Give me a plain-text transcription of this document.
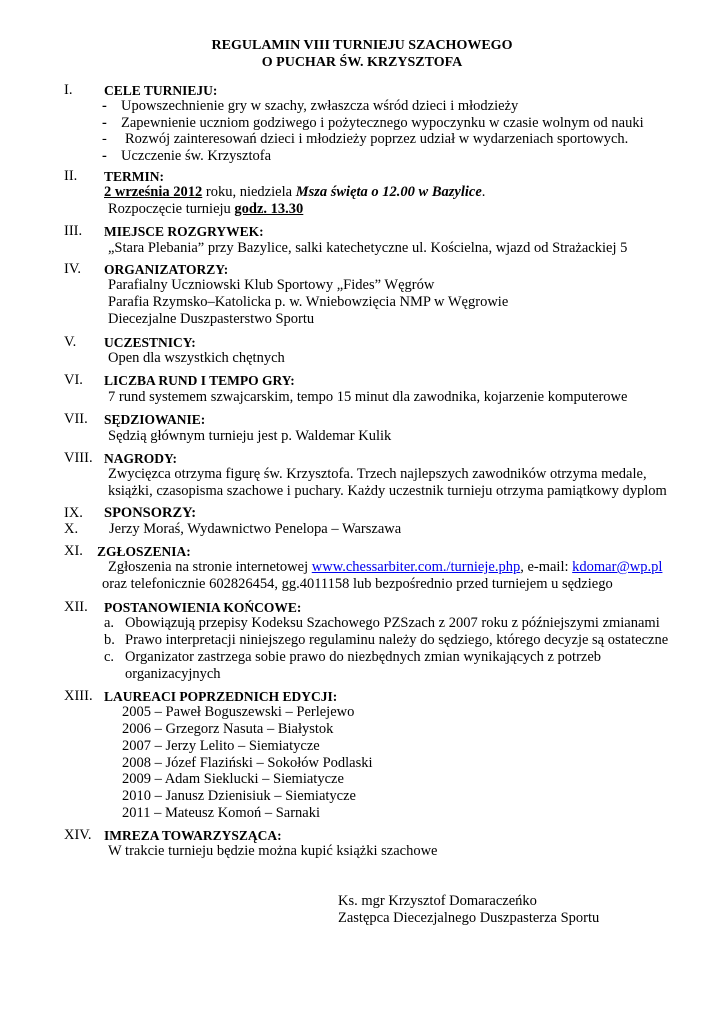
REGULAMIN VIII TURNIEJU SZACHOWEGO
O PUCHAR ŚW. KRZYSZTOFA
I. CELE TURNIEJU:
- Upowszechnienie gry w szachy, zwłaszcza wśród dzieci i młodzieży
- Zapewnienie uczniom godziwego i pożytecznego wypoczynku w czasie wolnym od nauki
- Rozwój zainteresowań dzieci i młodzieży poprzez udział w wydarzeniach sportowych.
- Uczczenie św. Krzysztofa
II. TERMIN:
2 września 2012 roku, niedziela Msza święta o 12.00 w Bazylice.
Rozpoczęcie turnieju godz. 13.30
III. MIEJSCE ROZGRYWEK:
„Stara Plebania” przy Bazylice, salki katechetyczne ul. Kościelna, wjazd od Strażackiej 5
IV. ORGANIZATORZY:
Parafialny Uczniowski Klub Sportowy „Fides” Węgrów
Parafia Rzymsko–Katolicka p. w. Wniebowzięcia NMP w Węgrowie
Diecezjalne Duszpasterstwo Sportu
V. UCZESTNICY:
Open dla wszystkich chętnych
VI. LICZBA RUND I TEMPO GRY:
7 rund systemem szwajcarskim, tempo 15 minut dla zawodnika, kojarzenie komputerowe
VII. SĘDZIOWANIE:
Sędzią głównym turnieju jest p. Waldemar Kulik
VIII. NAGRODY:
Zwycięzca otrzyma figurę św. Krzysztofa. Trzech najlepszych zawodników otrzyma medale,
książki, czasopisma szachowe i puchary. Każdy uczestnik turnieju otrzyma pamiątkowy dyplom
IX. SPONSORZY:
X. Jerzy Moraś, Wydawnictwo Penelopa – Warszawa
XI. ZGŁOSZENIA:
Zgłoszenia na stronie internetowej www.chessarbiter.com./turnieje.php, e-mail: kdomar@wp.pl
oraz telefonicznie 602826454, gg.4011158 lub bezpośrednio przed turniejem u sędziego
XII. POSTANOWIENIA KOŃCOWE:
a. Obowiązują przepisy Kodeksu Szachowego PZSzach z 2007 roku z późniejszymi zmianami
b. Prawo interpretacji niniejszego regulaminu należy do sędziego, którego decyzje są ostateczne
c. Organizator zastrzega sobie prawo do niezbędnych zmian wynikających z potrzeb
organizacyjnych
XIII. LAUREACI POPRZEDNICH EDYCJI:
2005 – Paweł Boguszewski – Perlejewo
2006 – Grzegorz Nasuta – Białystok
2007 – Jerzy Lelito – Siemiatycze
2008 – Józef Flaziński – Sokołów Podlaski
2009 – Adam Sieklucki – Siemiatycze
2010 – Janusz Dzienisiuk – Siemiatycze
2011 – Mateusz Komoń – Sarnaki
XIV. IMREZA TOWARZYSZĄCA:
W trakcie turnieju będzie można kupić książki szachowe
Ks. mgr Krzysztof Domaraczeńko
Zastępca Diecezjalnego Duszpasterza Sportu
